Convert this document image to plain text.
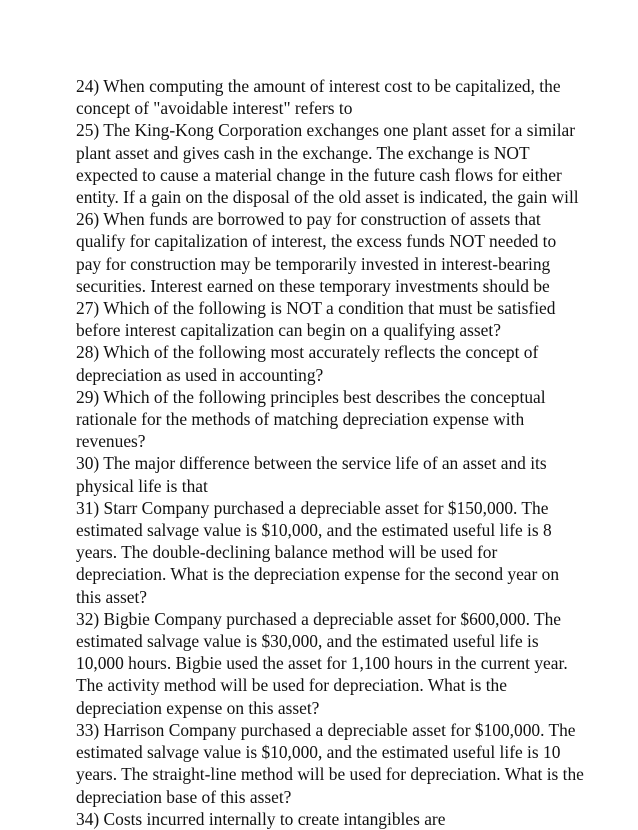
24) When computing the amount of interest cost to be capitalized, the
concept of "avoidable interest" refers to
25) The King-Kong Corporation exchanges one plant asset for a similar
plant asset and gives cash in the exchange. The exchange is NOT
expected to cause a material change in the future cash flows for either
entity. If a gain on the disposal of the old asset is indicated, the gain will
26) When funds are borrowed to pay for construction of assets that
qualify for capitalization of interest, the excess funds NOT needed to
pay for construction may be temporarily invested in interest-bearing
securities. Interest earned on these temporary investments should be
27) Which of the following is NOT a condition that must be satisfied
before interest capitalization can begin on a qualifying asset?
28) Which of the following most accurately reflects the concept of
depreciation as used in accounting?
29) Which of the following principles best describes the conceptual
rationale for the methods of matching depreciation expense with
revenues?
30) The major difference between the service life of an asset and its
physical life is that
31) Starr Company purchased a depreciable asset for $150,000. The
estimated salvage value is $10,000, and the estimated useful life is 8
years. The double-declining balance method will be used for
depreciation. What is the depreciation expense for the second year on
this asset?
32) Bigbie Company purchased a depreciable asset for $600,000. The
estimated salvage value is $30,000, and the estimated useful life is
10,000 hours. Bigbie used the asset for 1,100 hours in the current year.
The activity method will be used for depreciation. What is the
depreciation expense on this asset?
33) Harrison Company purchased a depreciable asset for $100,000. The
estimated salvage value is $10,000, and the estimated useful life is 10
years. The straight-line method will be used for depreciation. What is the
depreciation base of this asset?
34) Costs incurred internally to create intangibles are
